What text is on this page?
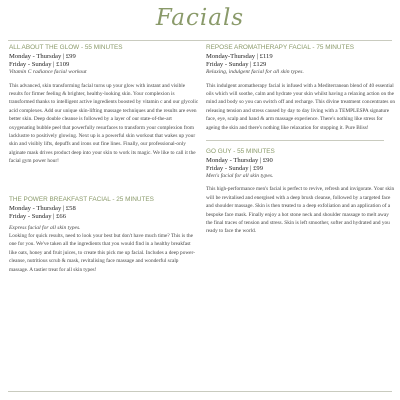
Facials
ALL ABOUT THE GLOW - 55 MINUTES
Monday - Thursday | £99
Friday - Sunday | £109
Vitamin C radiance facial workout
This advanced, skin transforming facial turns up your glow with instant and visible results for firmer feeling & brighter, healthy-looking skin. Your complexion is transformed thanks to intelligent active ingredients boosted by vitamin c and our glycolic acid complexes. Add our unique skin-lifting massage techniques and the results are even better skin. Deep double cleanse is followed by a layer of our state-of-the-art oxygenating bubble peel that powerfully resurfaces to transform your complexion from lacklustre to positively glowing. Next up is a powerful skin workout that wakes up your skin and visibly lifts, depuffs and irons out fine lines. Finally, our professional-only alginate mask drives product deep into your skin to work its magic. We like to call it the facial gym power hour!
THE POWER BREAKFAST FACIAL - 25 MINUTES
Monday - Thursday | £58
Friday - Sunday | £66
Express facial for all skin types.
Looking for quick results, need to look your best but don't have much time? This is the one for you. We've taken all the ingredients that you would find in a healthy breakfast like oats, honey and fruit juices, to create this pick me up facial. Includes a deep power-cleanse, nutritious scrub & mask, revitalising face massage and wonderful scalp massage. A tastier treat for all skin types!
REPOSE AROMATHERAPY FACIAL - 75 MINUTES
Monday-Thursday | £119
Friday - Sunday | £129
Relaxing, indulgent facial for all skin types.
This indulgent aromatherapy facial is infused with a Mediterranean blend of 40 essential oils which will soothe, calm and hydrate your skin whilst having a relaxing action on the mind and body so you can switch off and recharge. This divine treatment concentrates on releasing tension and stress caused by day to day living with a TEMPLESPA signature face, eye, scalp and hand & arm massage experience. There's nothing like stress for ageing the skin and there's nothing like relaxation for stopping it. Pure Bliss!
GO GUY - 55 MINUTES
Monday - Thursday | £90
Friday - Sunday | £99
Men's facial for all skin types.
This high-performance men's facial is perfect to revive, refresh and invigorate. Your skin will be revitalised and energised with a deep brush cleanse, followed by a targeted face and shoulder massage. Skin is then treated to a deep exfoliation and an application of a bespoke face mask. Finally enjoy a hot stone neck and shoulder massage to melt away the final traces of tension and stress. Skin is left smoother, softer and hydrated and you ready to face the world.
